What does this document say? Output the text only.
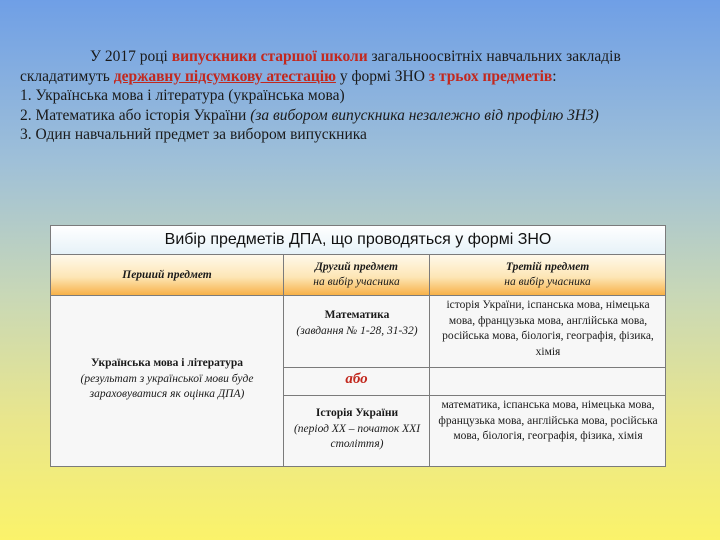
У 2017 році випускники старшої школи загальноосвітніх навчальних закладів складатимуть державну підсумкову атестацію у формі ЗНО з трьох предметів:
1. Українська мова і література (українська мова)
2. Математика або історія України (за вибором випускника незалежно від профілю ЗНЗ)
3. Один навчальний предмет за вибором випускника
Вибір предметів ДПА, що проводяться у формі ЗНО
Перший предмет
Другий предмет
на вибір учасника
Третій предмет
на вибір учасника
Українська мова і література
(результат з української мови буде зараховуватися як оцінка ДПА)
Математика
(завдання № 1-28, 31-32)
історія України, іспанська мова, німецька мова, французька мова, англійська мова, російська мова, біологія, географія, фізика, хімія
або
Історія України
(період ХХ – початок ХХІ століття)
математика, іспанська мова, німецька мова, французька мова, англійська мова, російська мова, біологія, географія, фізика, хімія
